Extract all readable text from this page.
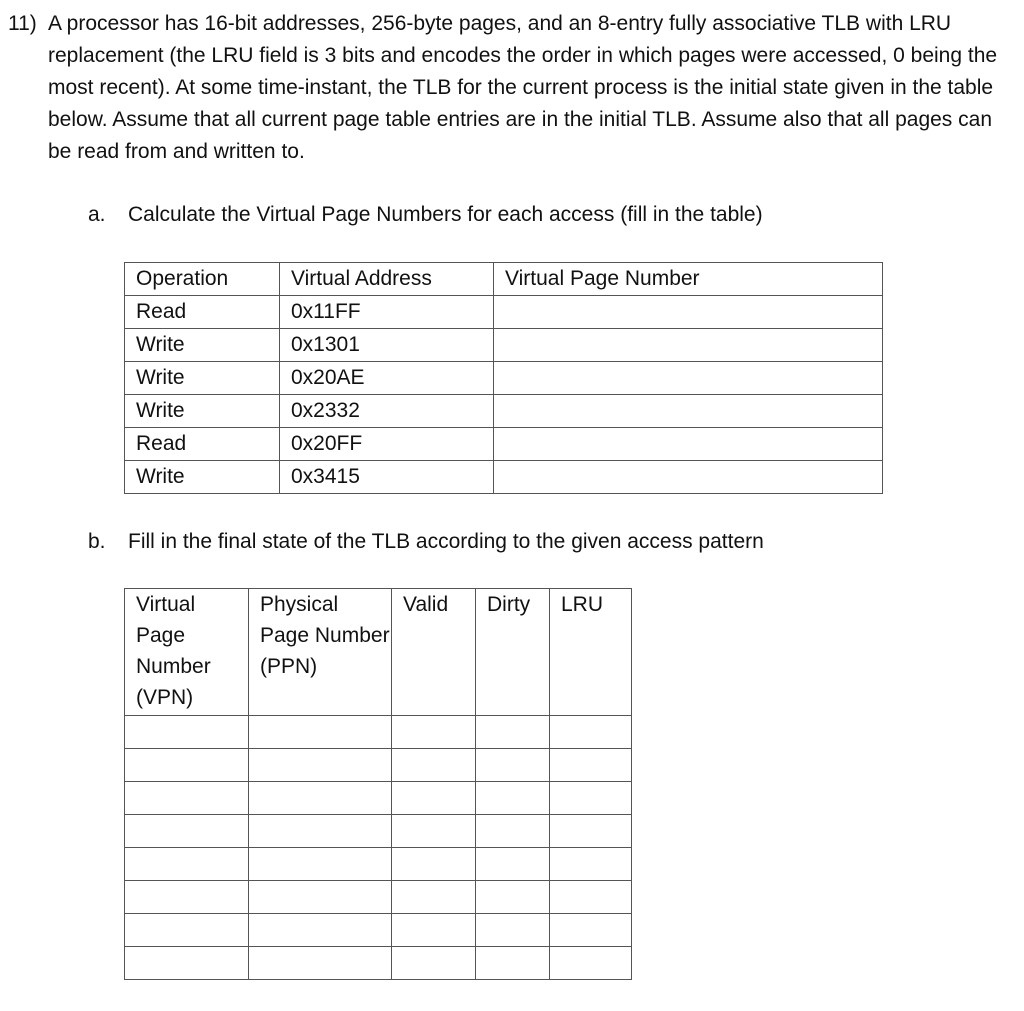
11) A processor has 16-bit addresses, 256-byte pages, and an 8-entry fully associative TLB with LRU replacement (the LRU field is 3 bits and encodes the order in which pages were accessed, 0 being the most recent). At some time-instant, the TLB for the current process is the initial state given in the table below. Assume that all current page table entries are in the initial TLB. Assume also that all pages can be read from and written to.
a. Calculate the Virtual Page Numbers for each access (fill in the table)
Operation	Virtual Address	Virtual Page Number
Read	0x11FF	
Write	0x1301	
Write	0x20AE	
Write	0x2332	
Read	0x20FF	
Write	0x3415	
b. Fill in the final state of the TLB according to the given access pattern
Virtual Page Number (VPN)	Physical Page Number (PPN)	Valid	Dirty	LRU
